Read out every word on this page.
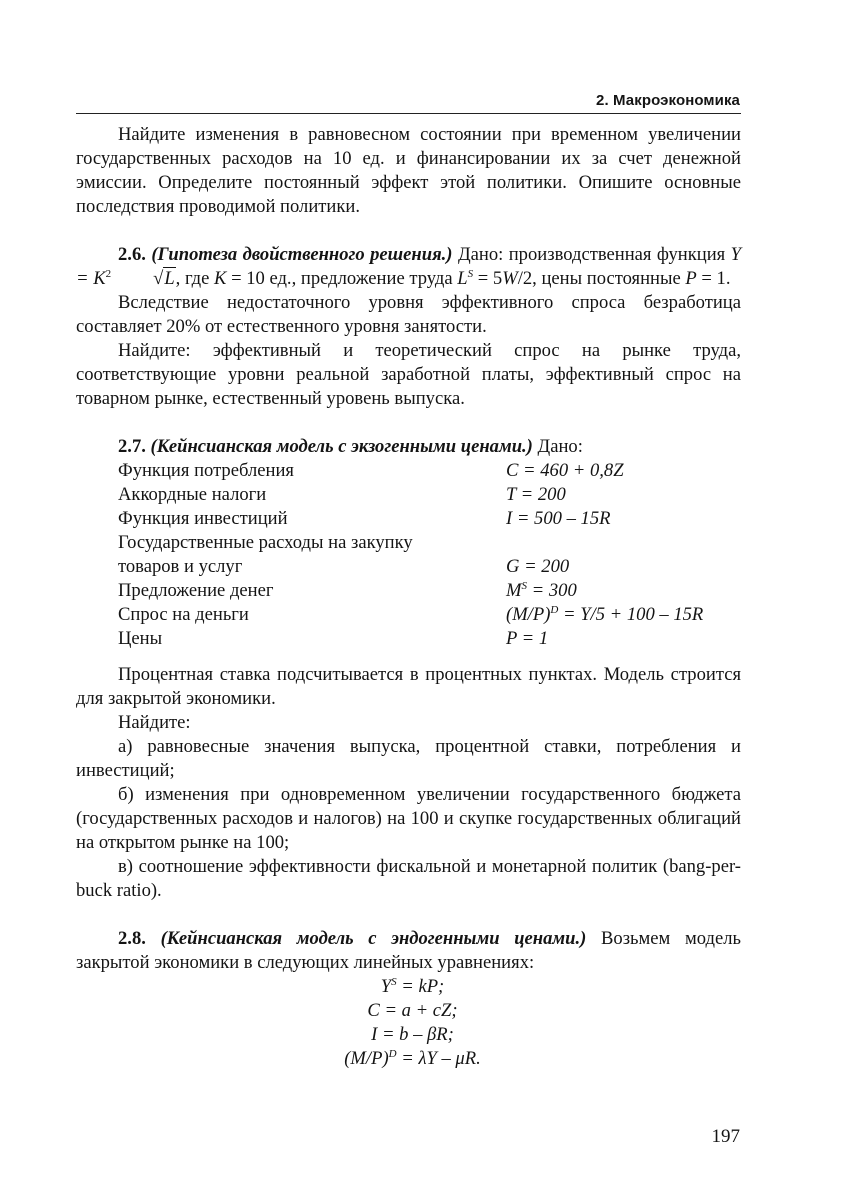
2. Макроэкономика

Найдите изменения в равновесном состоянии при временном увеличении государственных расходов на 10 ед. и финансировании их за счет денежной эмиссии. Определите постоянный эффект этой политики. Опишите основные последствия проводимой политики.

2.6. (Гипотеза двойственного решения.) Дано: производственная функция $Y = K^2$ √L, где K = 10 ед., предложение труда $L^S = 5W/2$, цены постоянные P = 1.

Вследствие недостаточного уровня эффективного спроса безработица составляет 20% от естественного уровня занятости.

Найдите: эффективный и теоретический спрос на рынке труда, соответствующие уровни реальной заработной платы, эффективный спрос на товарном рынке, естественный уровень выпуска.

2.7. (Кейнсианская модель с экзогенными ценами.) Дано:

Функция потребления	C = 460 + 0,8Z
Аккордные налоги	T = 200
Функция инвестиций	I = 500 – 15R
Государственные расходы на закупку	
товаров и услуг	G = 200
Предложение денег	$M^S = 300$
Спрос на деньги	$(M/P)^D = Y/5 + 100 - 15R$
Цены	P = 1

Процентная ставка подсчитывается в процентных пунктах. Модель строится для закрытой экономики.

Найдите:

а) равновесные значения выпуска, процентной ставки, потребления и инвестиций;

б) изменения при одновременном увеличении государственного бюджета (государственных расходов и налогов) на 100 и скупке государственных облигаций на открытом рынке на 100;

в) соотношение эффективности фискальной и монетарной политик (bang-per-buck ratio).

2.8. (Кейнсианская модель с эндогенными ценами.) Возьмем модель закрытой экономики в следующих линейных уравнениях:

$Y^S$ = kP;
C = a + cZ;
I = b – βR;
$(M/P)^D = \lambda Y - \mu R$.
197
